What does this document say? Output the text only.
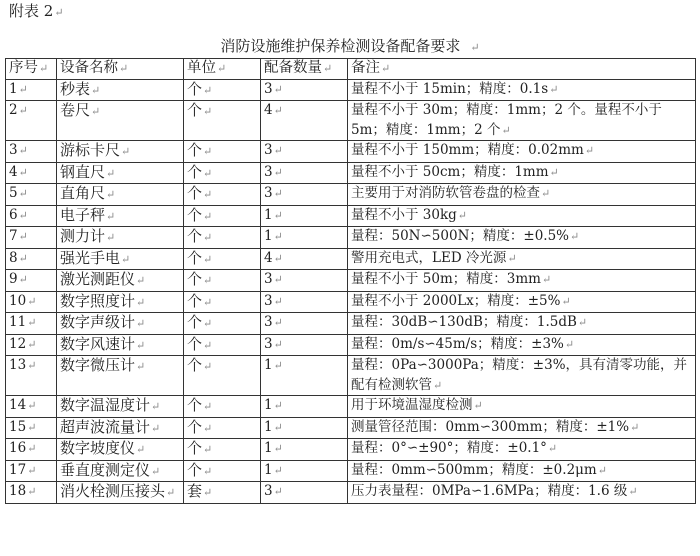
附表 2↵
消防设施维护保养检测设备配备要求 ↵
序号↵	设备名称↵	单位↵	配备数量↵	备注↵
1↵	秒表↵	个↵	3↵	量程不小于 15min；精度：0.1s↵
2↵	卷尺↵	个↵	4↵	量程不小于 30m；精度：1mm；2 个。量程不小于 5m；精度：1mm；2 个↵
3↵	游标卡尺↵	个↵	3↵	量程不小于 150mm；精度：0.02mm↵
4↵	钢直尺↵	个↵	3↵	量程不小于 50cm；精度：1mm↵
5↵	直角尺↵	个↵	3↵	主要用于对消防软管卷盘的检查↵
6↵	电子秤↵	个↵	1↵	量程不小于 30kg↵
7↵	测力计↵	个↵	1↵	量程：50N∽500N；精度：±0.5%↵
8↵	强光手电↵	个↵	4↵	警用充电式，LED 冷光源↵
9↵	激光测距仪↵	个↵	3↵	量程不小于 50m；精度：3mm↵
10↵	数字照度计↵	个↵	3↵	量程不小于 2000Lx；精度：±5%↵
11↵	数字声级计↵	个↵	3↵	量程：30dB∽130dB；精度：1.5dB↵
12↵	数字风速计↵	个↵	3↵	量程：0m/s∽45m/s；精度：±3%↵
13↵	数字微压计↵	个↵	1↵	量程：0Pa∽3000Pa；精度：±3%，具有清零功能，并配有检测软管↵
14↵	数字温湿度计↵	个↵	1↵	用于环境温湿度检测↵
15↵	超声波流量计↵	个↵	1↵	测量管径范围：0mm∽300mm；精度：±1%↵
16↵	数字坡度仪↵	个↵	1↵	量程：0°∽±90°；精度：±0.1°↵
17↵	垂直度测定仪↵	个↵	1↵	量程：0mm∽500mm；精度：±0.2μm↵
18↵	消火栓测压接头↵	套↵	3↵	压力表量程：0MPa∽1.6MPa；精度：1.6 级↵
